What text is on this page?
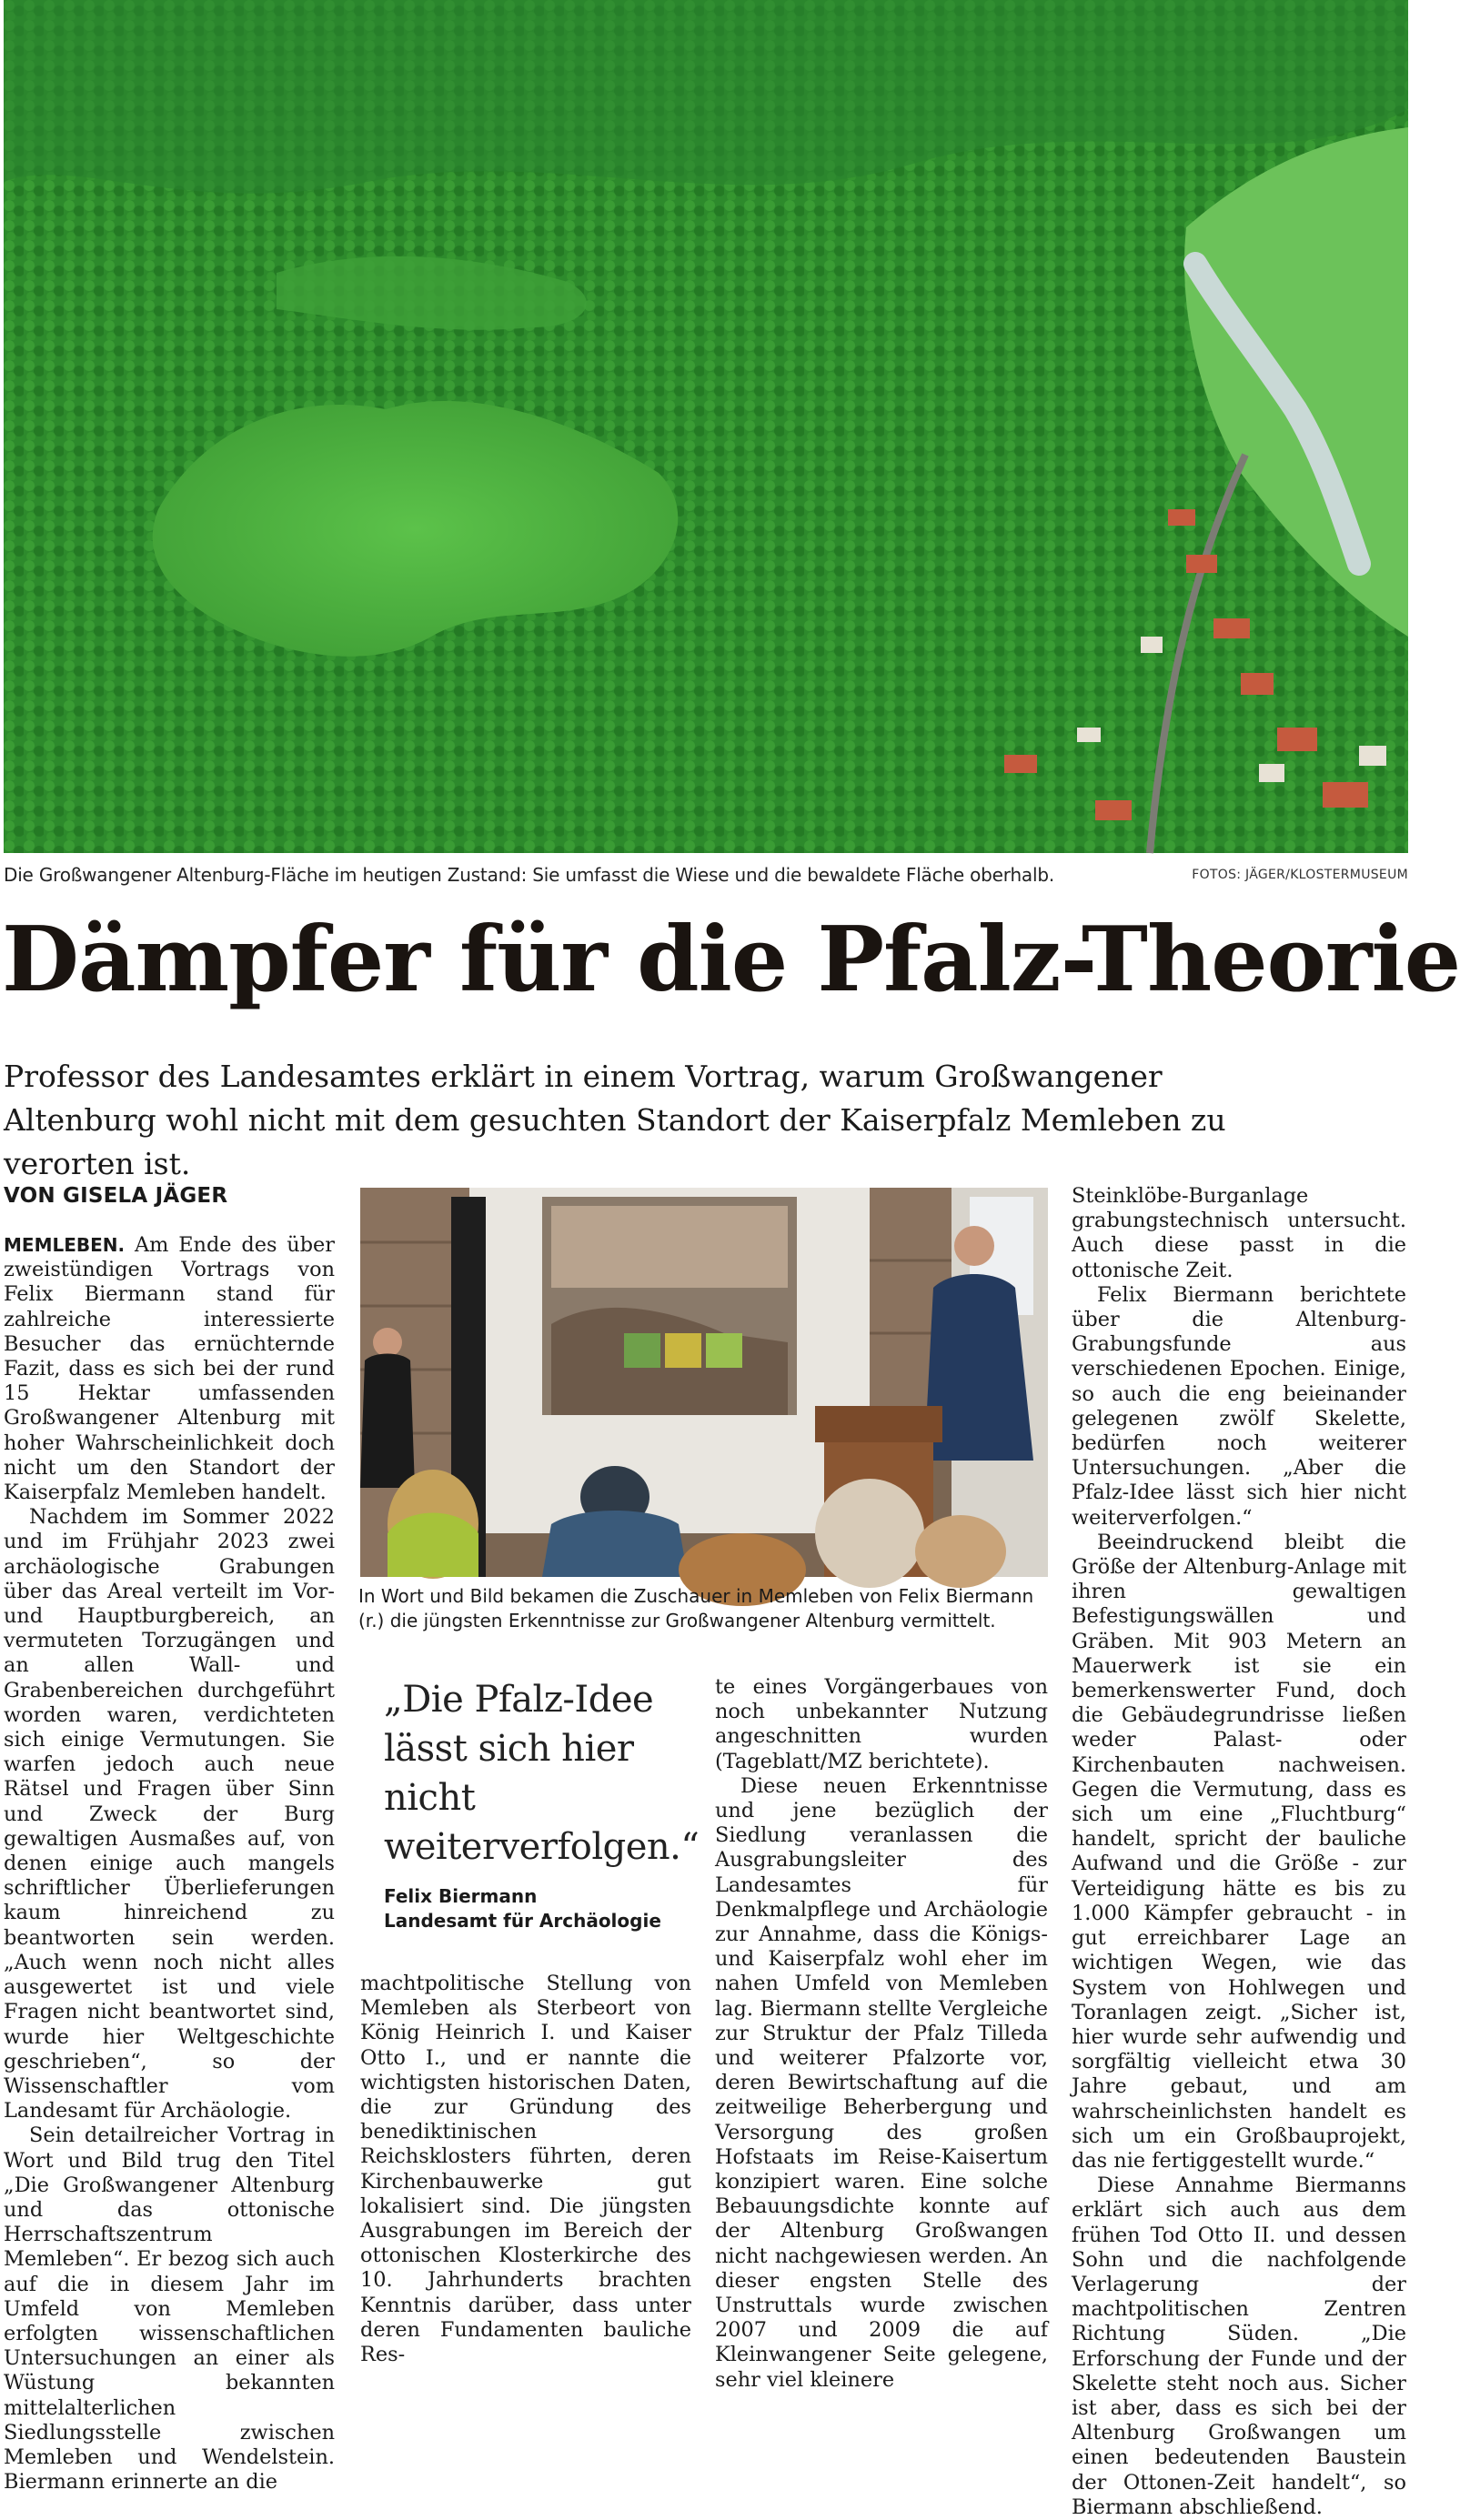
Die Großwangener Altenburg-Fläche im heutigen Zustand: Sie umfasst die Wiese und die bewaldete Fläche oberhalb.	FOTOS: JÄGER/KLOSTERMUSEUM
Dämpfer für die Pfalz-Theorie

Professor des Landesamtes erklärt in einem Vortrag, warum Großwangener Altenburg wohl nicht mit dem gesuchten Standort der Kaiserpfalz Memleben zu verorten ist.

VON GISELA JÄGER

MEMLEBEN. Am Ende des über zweistündigen Vortrags von Felix Biermann stand für zahlreiche interessierte Besucher das ernüchternde Fazit, dass es sich bei der rund 15 Hektar umfassenden Großwangener Altenburg mit hoher Wahrscheinlichkeit doch nicht um den Standort der Kaiserpfalz Memleben handelt.

Nachdem im Sommer 2022 und im Frühjahr 2023 zwei archäologische Grabungen über das Areal verteilt im Vor- und Hauptburgbereich, an vermuteten Torzugängen und an allen Wall- und Grabenbereichen durchgeführt worden waren, verdichteten sich einige Vermutungen. Sie warfen jedoch auch neue Rätsel und Fragen über Sinn und Zweck der Burg gewaltigen Ausmaßes auf, von denen einige auch mangels schriftlicher Überlieferungen kaum hinreichend zu beantworten sein werden. „Auch wenn noch nicht alles ausgewertet ist und viele Fragen nicht beantwortet sind, wurde hier Weltgeschichte geschrieben“, so der Wissenschaftler vom Landesamt für Archäologie.

Sein detailreicher Vortrag in Wort und Bild trug den Titel „Die Großwangener Altenburg und das ottonische Herrschaftszentrum Memleben“. Er bezog sich auch auf die in diesem Jahr im Umfeld von Memleben erfolgten wissenschaftlichen Untersuchungen an einer als Wüstung bekannten mittelalterlichen Siedlungsstelle zwischen Memleben und Wendelstein. Biermann erinnerte an die

In Wort und Bild bekamen die Zuschauer in Memleben von Felix Biermann (r.) die jüngsten Erkenntnisse zur Großwangener Altenburg vermittelt.

„Die Pfalz-Idee lässt sich hier nicht weiterverfolgen.“
Felix Biermann
Landesamt für Archäologie

machtpolitische Stellung von Memleben als Sterbeort von König Heinrich I. und Kaiser Otto I., und er nannte die wichtigsten historischen Daten, die zur Gründung des benediktinischen Reichsklosters führten, deren Kirchenbauwerke gut lokalisiert sind. Die jüngsten Ausgrabungen im Bereich der ottonischen Klosterkirche des 10. Jahrhunderts brachten Kenntnis darüber, dass unter deren Fundamenten bauliche Res-

te eines Vorgängerbaues von noch unbekannter Nutzung angeschnitten wurden (Tageblatt/MZ berichtete).

Diese neuen Erkenntnisse und jene bezüglich der Siedlung veranlassen die Ausgrabungsleiter des Landesamtes für Denkmalpflege und Archäologie zur Annahme, dass die Königs- und Kaiserpfalz wohl eher im nahen Umfeld von Memleben lag. Biermann stellte Vergleiche zur Struktur der Pfalz Tilleda und weiterer Pfalzorte vor, deren Bewirtschaftung auf die zeitweilige Beherbergung und Versorgung des großen Hofstaats im Reise-Kaisertum konzipiert waren. Eine solche Bebauungsdichte konnte auf der Altenburg Großwangen nicht nachgewiesen werden. An dieser engsten Stelle des Unstruttals wurde zwischen 2007 und 2009 die auf Kleinwangener Seite gelegene, sehr viel kleinere

Steinklöbe-Burganlage grabungstechnisch untersucht. Auch diese passt in die ottonische Zeit.

Felix Biermann berichtete über die Altenburg-Grabungsfunde aus verschiedenen Epochen. Einige, so auch die eng beieinander gelegenen zwölf Skelette, bedürfen noch weiterer Untersuchungen. „Aber die Pfalz-Idee lässt sich hier nicht weiterverfolgen.“

Beeindruckend bleibt die Größe der Altenburg-Anlage mit ihren gewaltigen Befestigungswällen und Gräben. Mit 903 Metern an Mauerwerk ist sie ein bemerkenswerter Fund, doch die Gebäudegrundrisse ließen weder Palast- oder Kirchenbauten nachweisen. Gegen die Vermutung, dass es sich um eine „Fluchtburg“ handelt, spricht der bauliche Aufwand und die Größe - zur Verteidigung hätte es bis zu 1.000 Kämpfer gebraucht - in gut erreichbarer Lage an wichtigen Wegen, wie das System von Hohlwegen und Toranlagen zeigt. „Sicher ist, hier wurde sehr aufwendig und sorgfältig vielleicht etwa 30 Jahre gebaut, und am wahrscheinlichsten handelt es sich um ein Großbauprojekt, das nie fertiggestellt wurde.“

Diese Annahme Biermanns erklärt sich auch aus dem frühen Tod Otto II. und dessen Sohn und die nachfolgende Verlagerung der machtpolitischen Zentren Richtung Süden. „Die Erforschung der Funde und der Skelette steht noch aus. Sicher ist aber, dass es sich bei der Altenburg Großwangen um einen bedeutenden Baustein der Ottonen-Zeit handelt“, so Biermann abschließend.
